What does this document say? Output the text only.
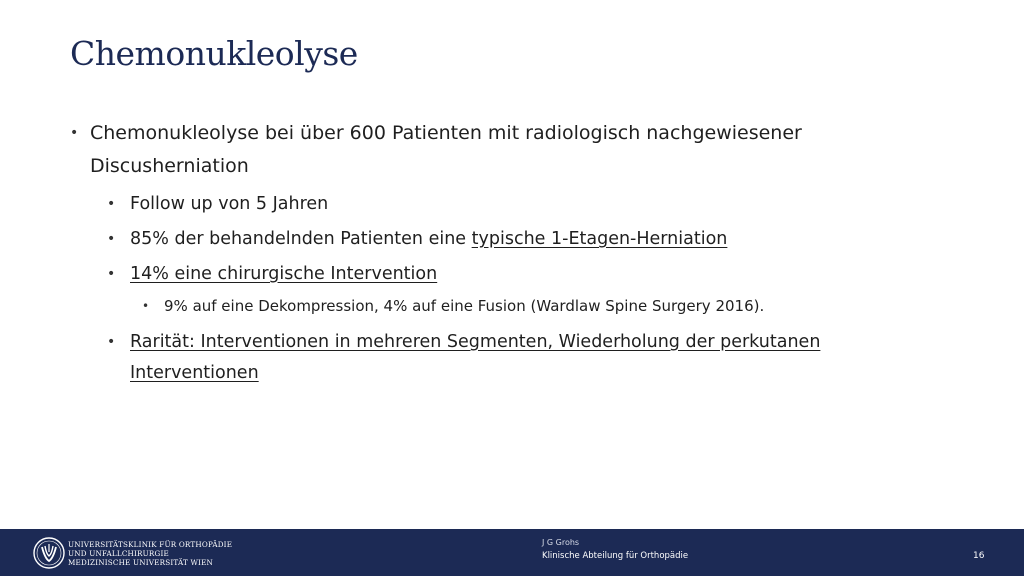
Chemonukleolyse
• Chemonukleolyse bei über 600 Patienten mit radiologisch nachgewiesener
Discusherniation
• Follow up von 5 Jahren
• 85% der behandelnden Patienten eine typische 1-Etagen-Herniation
• 14% eine chirurgische Intervention
• 9% auf eine Dekompression, 4% auf eine Fusion (Wardlaw Spine Surgery 2016).
• Rarität: Interventionen in mehreren Segmenten, Wiederholung der perkutanen
Interventionen
UNIVERSITÄTSKLINIK FÜR ORTHOPÄDIE
UND UNFALLCHIRURGIE
MEDIZINISCHE UNIVERSITÄT WIEN
J G Grohs
Klinische Abteilung für Orthopädie	16
